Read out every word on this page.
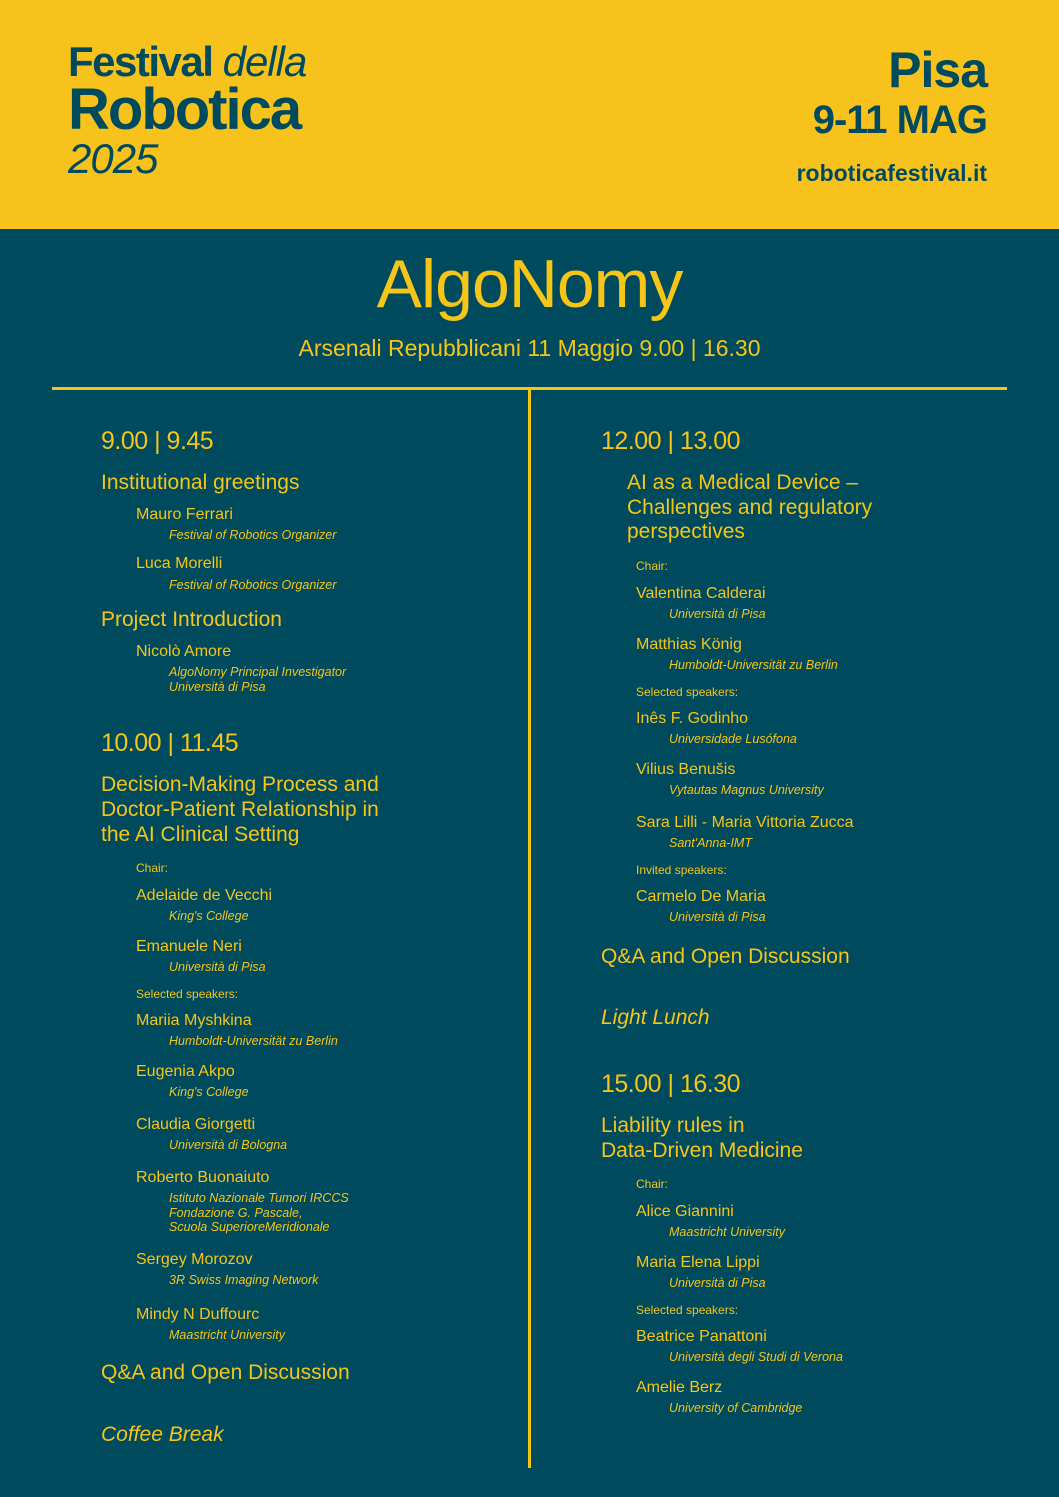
Festival della
Robotica
2025
Pisa
9-11 MAG
roboticafestival.it
AlgoNomy
Arsenali Repubblicani 11 Maggio 9.00 | 16.30
9.00 | 9.45
Institutional greetings
Mauro Ferrari
Festival of Robotics Organizer
Luca Morelli
Festival of Robotics Organizer
Project Introduction
Nicolò Amore
AlgoNomy Principal Investigator
Università di Pisa
10.00 | 11.45
Decision-Making Process and
Doctor-Patient Relationship in
the AI Clinical Setting
Chair:
Adelaide de Vecchi
King's College
Emanuele Neri
Università di Pisa
Selected speakers:
Mariia Myshkina
Humboldt-Universität zu Berlin
Eugenia Akpo
King's College
Claudia Giorgetti
Università di Bologna
Roberto Buonaiuto
Istituto Nazionale Tumori IRCCS
Fondazione G. Pascale,
Scuola SuperioreMeridionale
Sergey Morozov
3R Swiss Imaging Network
Mindy N Duffourc
Maastricht University
Q&A and Open Discussion
Coffee Break
12.00 | 13.00
AI as a Medical Device –
Challenges and regulatory
perspectives
Chair:
Valentina Calderai
Università di Pisa
Matthias König
Humboldt-Universität zu Berlin
Selected speakers:
Inês F. Godinho
Universidade Lusófona
Vilius Benušis
Vytautas Magnus University
Sara Lilli - Maria Vittoria Zucca
Sant'Anna-IMT
Invited speakers:
Carmelo De Maria
Università di Pisa
Q&A and Open Discussion
Light Lunch
15.00 | 16.30
Liability rules in
Data-Driven Medicine
Chair:
Alice Giannini
Maastricht University
Maria Elena Lippi
Università di Pisa
Selected speakers:
Beatrice Panattoni
Università degli Studi di Verona
Amelie Berz
University of Cambridge
